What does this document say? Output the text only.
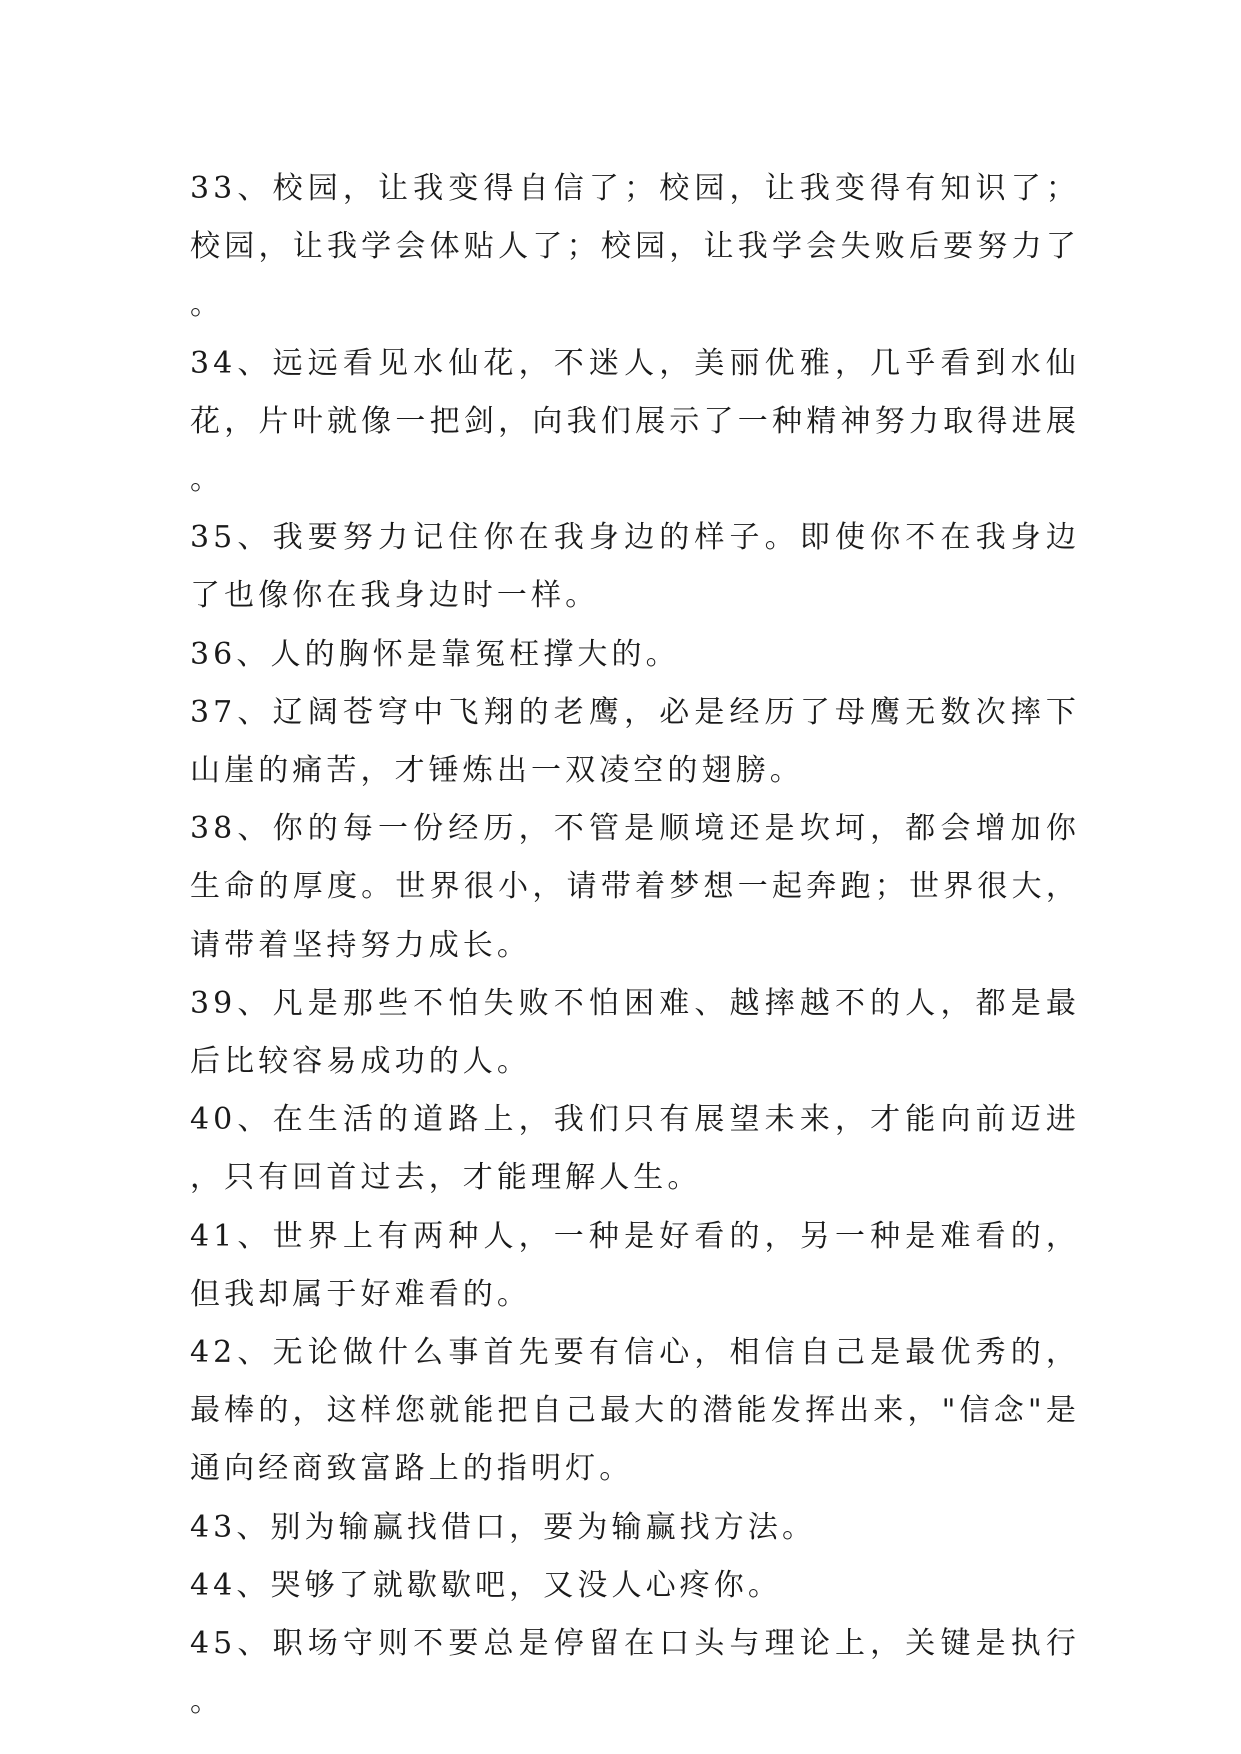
33、校园，让我变得自信了；校园，让我变得有知识了；校园，让我学会体贴人了；校园，让我学会失败后要努力了。

34、远远看见水仙花，不迷人，美丽优雅，几乎看到水仙花，片叶就像一把剑，向我们展示了一种精神努力取得进展。

35、我要努力记住你在我身边的样子。即使你不在我身边了也像你在我身边时一样。

36、人的胸怀是靠冤枉撑大的。

37、辽阔苍穹中飞翔的老鹰，必是经历了母鹰无数次摔下山崖的痛苦，才锤炼出一双凌空的翅膀。

38、你的每一份经历，不管是顺境还是坎坷，都会增加你生命的厚度。世界很小，请带着梦想一起奔跑；世界很大，请带着坚持努力成长。

39、凡是那些不怕失败不怕困难、越摔越不的人，都是最后比较容易成功的人。

40、在生活的道路上，我们只有展望未来，才能向前迈进，只有回首过去，才能理解人生。

41、世界上有两种人，一种是好看的，另一种是难看的，但我却属于好难看的。

42、无论做什么事首先要有信心，相信自己是最优秀的，最棒的，这样您就能把自己最大的潜能发挥出来，"信念"是通向经商致富路上的指明灯。

43、别为输赢找借口，要为输赢找方法。

44、哭够了就歇歇吧，又没人心疼你。

45、职场守则不要总是停留在口头与理论上，关键是执行。
